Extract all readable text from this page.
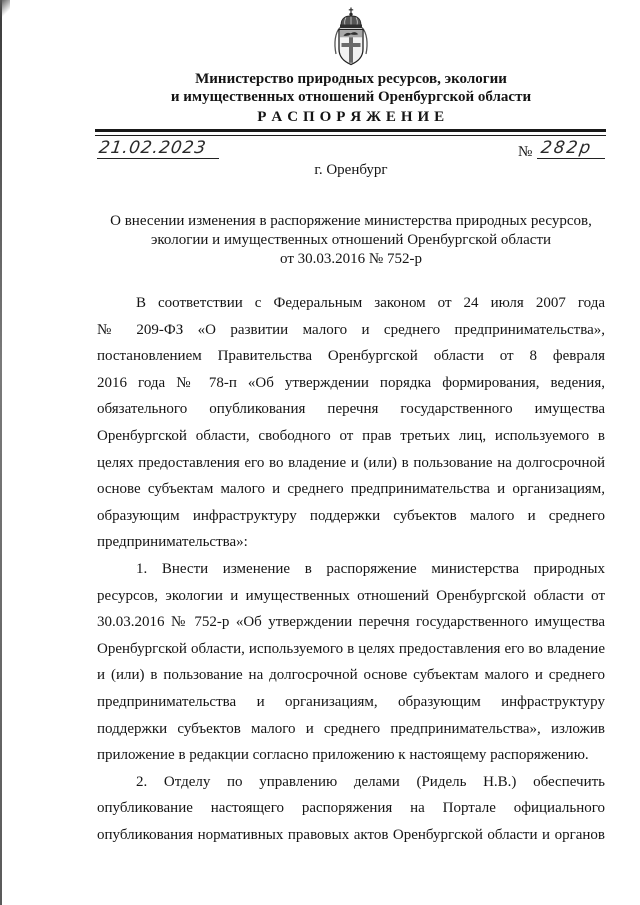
Министерство природных ресурсов, экологии
и имущественных отношений Оренбургской области
Р А С П О Р Я Ж Е Н И Е
21.02.2023	№ 282р
г. Оренбург
О внесении изменения в распоряжение министерства природных ресурсов,
экологии и имущественных отношений Оренбургской области
от 30.03.2016 № 752-р
В соответствии с Федеральным законом от 24 июля 2007 года
№ 209-ФЗ «О развитии малого и среднего предпринимательства»,
постановлением Правительства Оренбургской области от 8 февраля
2016 года № 78-п «Об утверждении порядка формирования, ведения,
обязательного опубликования перечня государственного имущества
Оренбургской области, свободного от прав третьих лиц, используемого в
целях предоставления его во владение и (или) в пользование на долгосрочной
основе субъектам малого и среднего предпринимательства и организациям,
образующим инфраструктуру поддержки субъектов малого и среднего
предпринимательства»:
1. Внести изменение в распоряжение министерства природных
ресурсов, экологии и имущественных отношений Оренбургской области от
30.03.2016 № 752-р «Об утверждении перечня государственного имущества
Оренбургской области, используемого в целях предоставления его во владение
и (или) в пользование на долгосрочной основе субъектам малого и среднего
предпринимательства и организациям, образующим инфраструктуру
поддержки субъектов малого и среднего предпринимательства», изложив
приложение в редакции согласно приложению к настоящему распоряжению.
2. Отделу по управлению делами (Ридель Н.В.) обеспечить
опубликование настоящего распоряжения на Портале официального
опубликования нормативных правовых актов Оренбургской области и органов
